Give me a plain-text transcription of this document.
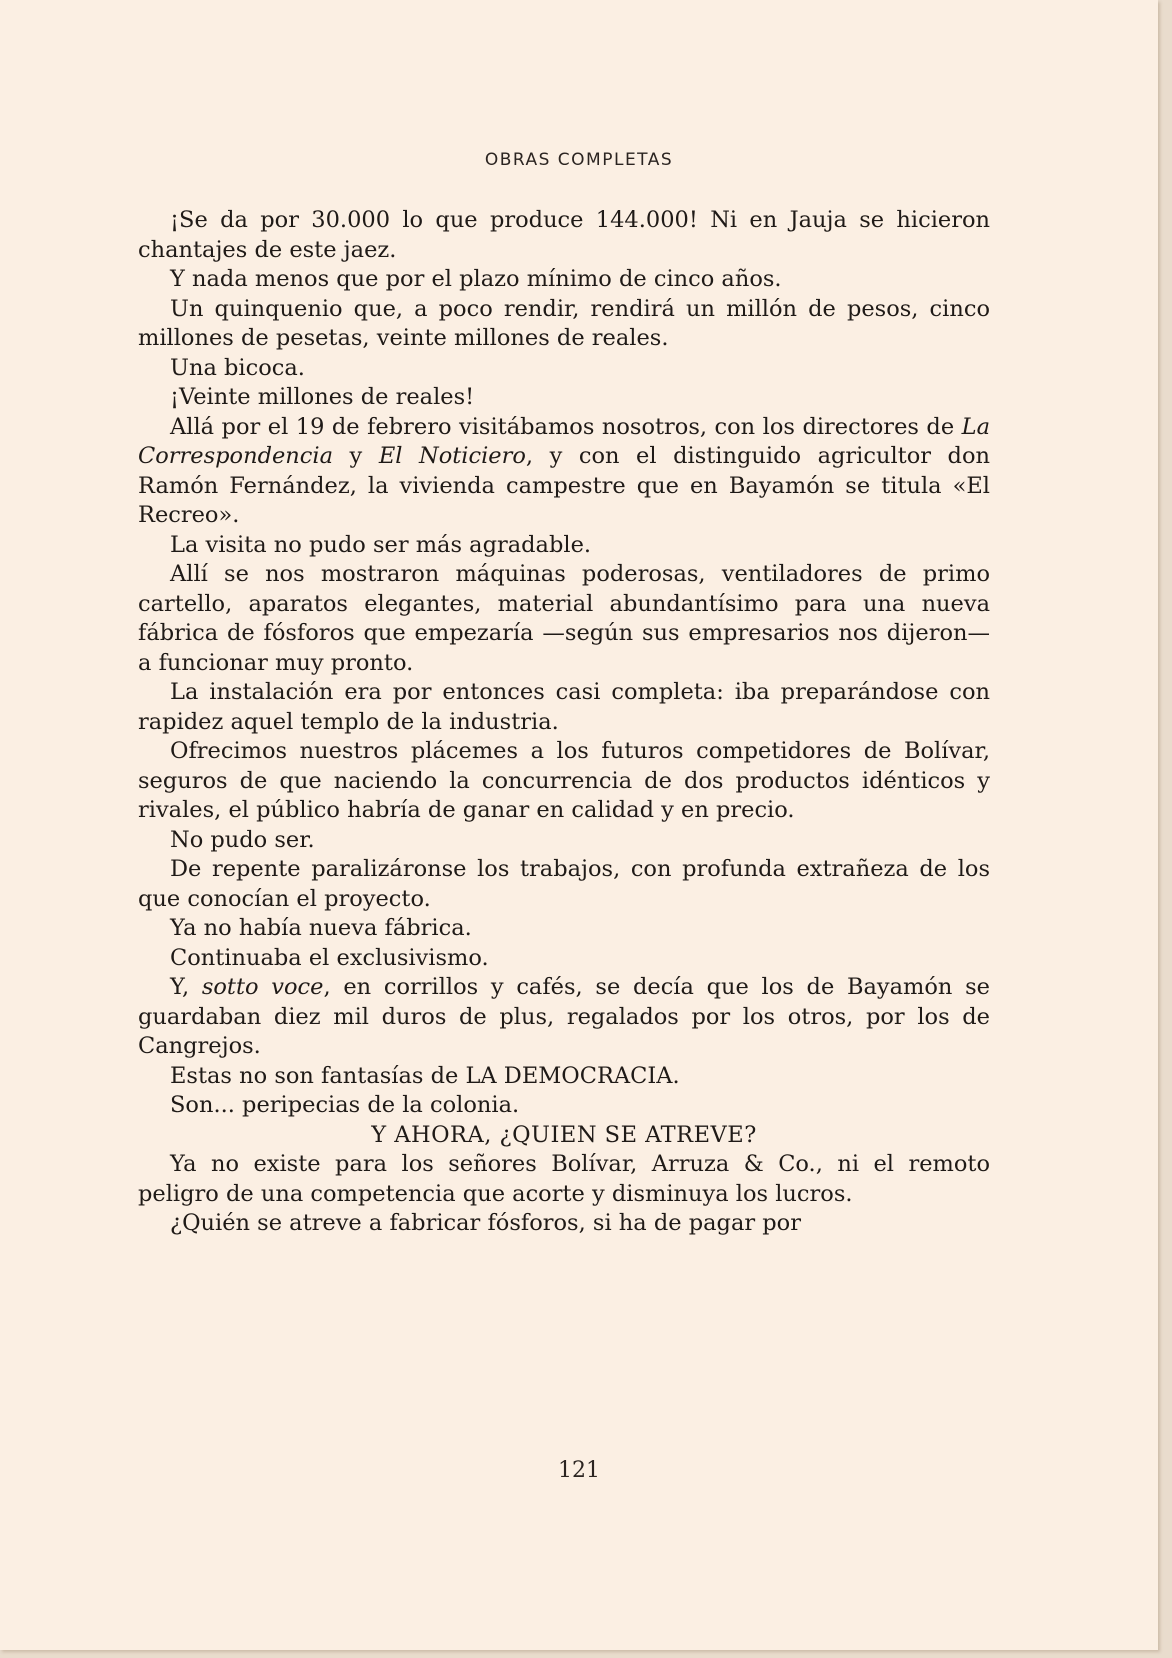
OBRAS COMPLETAS

¡Se da por 30.000 lo que produce 144.000! Ni en Jauja se hicieron chantajes de este jaez.

Y nada menos que por el plazo mínimo de cinco años.

Un quinquenio que, a poco rendir, rendirá un millón de pesos, cinco millones de pesetas, veinte millones de reales.

Una bicoca.

¡Veinte millones de reales!

Allá por el 19 de febrero visitábamos nosotros, con los directores de La Correspondencia y El Noticiero, y con el distinguido agricultor don Ramón Fernández, la vivienda campestre que en Bayamón se titula «El Recreo».

La visita no pudo ser más agradable.

Allí se nos mostraron máquinas poderosas, ventiladores de primo cartello, aparatos elegantes, material abundantísimo para una nueva fábrica de fósforos que empezaría —según sus empresarios nos dijeron— a funcionar muy pronto.

La instalación era por entonces casi completa: iba preparándose con rapidez aquel templo de la industria.

Ofrecimos nuestros plácemes a los futuros competidores de Bolívar, seguros de que naciendo la concurrencia de dos productos idénticos y rivales, el público habría de ganar en calidad y en precio.

No pudo ser.

De repente paralizáronse los trabajos, con profunda extrañeza de los que conocían el proyecto.

Ya no había nueva fábrica.

Continuaba el exclusivismo.

Y, sotto voce, en corrillos y cafés, se decía que los de Bayamón se guardaban diez mil duros de plus, regalados por los otros, por los de Cangrejos.

Estas no son fantasías de LA DEMOCRACIA.

Son... peripecias de la colonia.

Y AHORA, ¿QUIEN SE ATREVE?

Ya no existe para los señores Bolívar, Arruza & Co., ni el remoto peligro de una competencia que acorte y disminuya los lucros.

¿Quién se atreve a fabricar fósforos, si ha de pagar por

121
